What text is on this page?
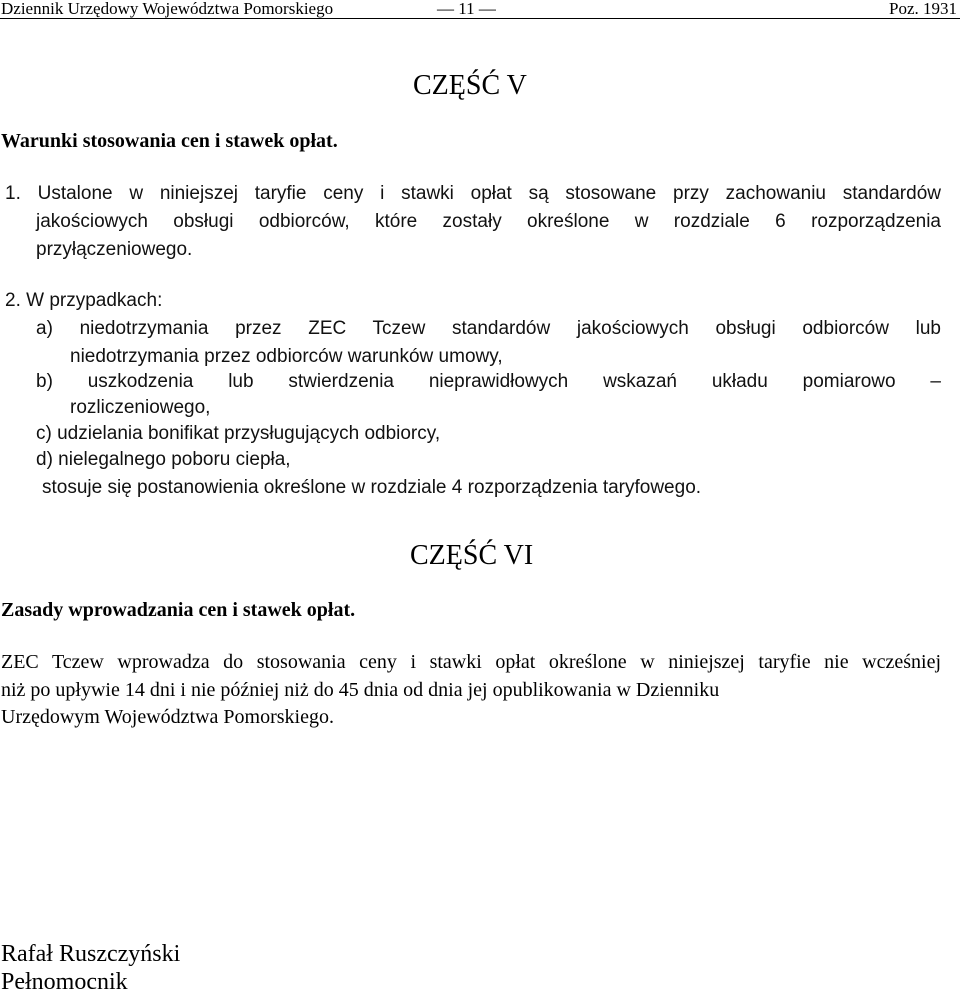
Dziennik Urzędowy Województwa Pomorskiego	— 11 —	Poz. 1931
CZĘŚĆ V
Warunki stosowania cen i stawek opłat.
1. Ustalone w niniejszej taryfie ceny i stawki opłat są stosowane przy zachowaniu standardów
jakościowych obsługi odbiorców, które zostały określone w rozdziale 6 rozporządzenia
przyłączeniowego.
2. W przypadkach:
a) niedotrzymania przez ZEC Tczew standardów jakościowych obsługi odbiorców lub
niedotrzymania przez odbiorców warunków umowy,
b) uszkodzenia lub stwierdzenia nieprawidłowych wskazań układu pomiarowo –
rozliczeniowego,
c) udzielania bonifikat przysługujących odbiorcy,
d) nielegalnego poboru ciepła,
stosuje się postanowienia określone w rozdziale 4 rozporządzenia taryfowego.
CZĘŚĆ VI
Zasady wprowadzania cen i stawek opłat.
ZEC Tczew wprowadza do stosowania ceny i stawki opłat określone w niniejszej taryfie nie wcześniej
niż po upływie 14 dni i nie później niż do 45 dnia od dnia jej opublikowania w Dzienniku
Urzędowym Województwa Pomorskiego.
Rafał Ruszczyński
Pełnomocnik
